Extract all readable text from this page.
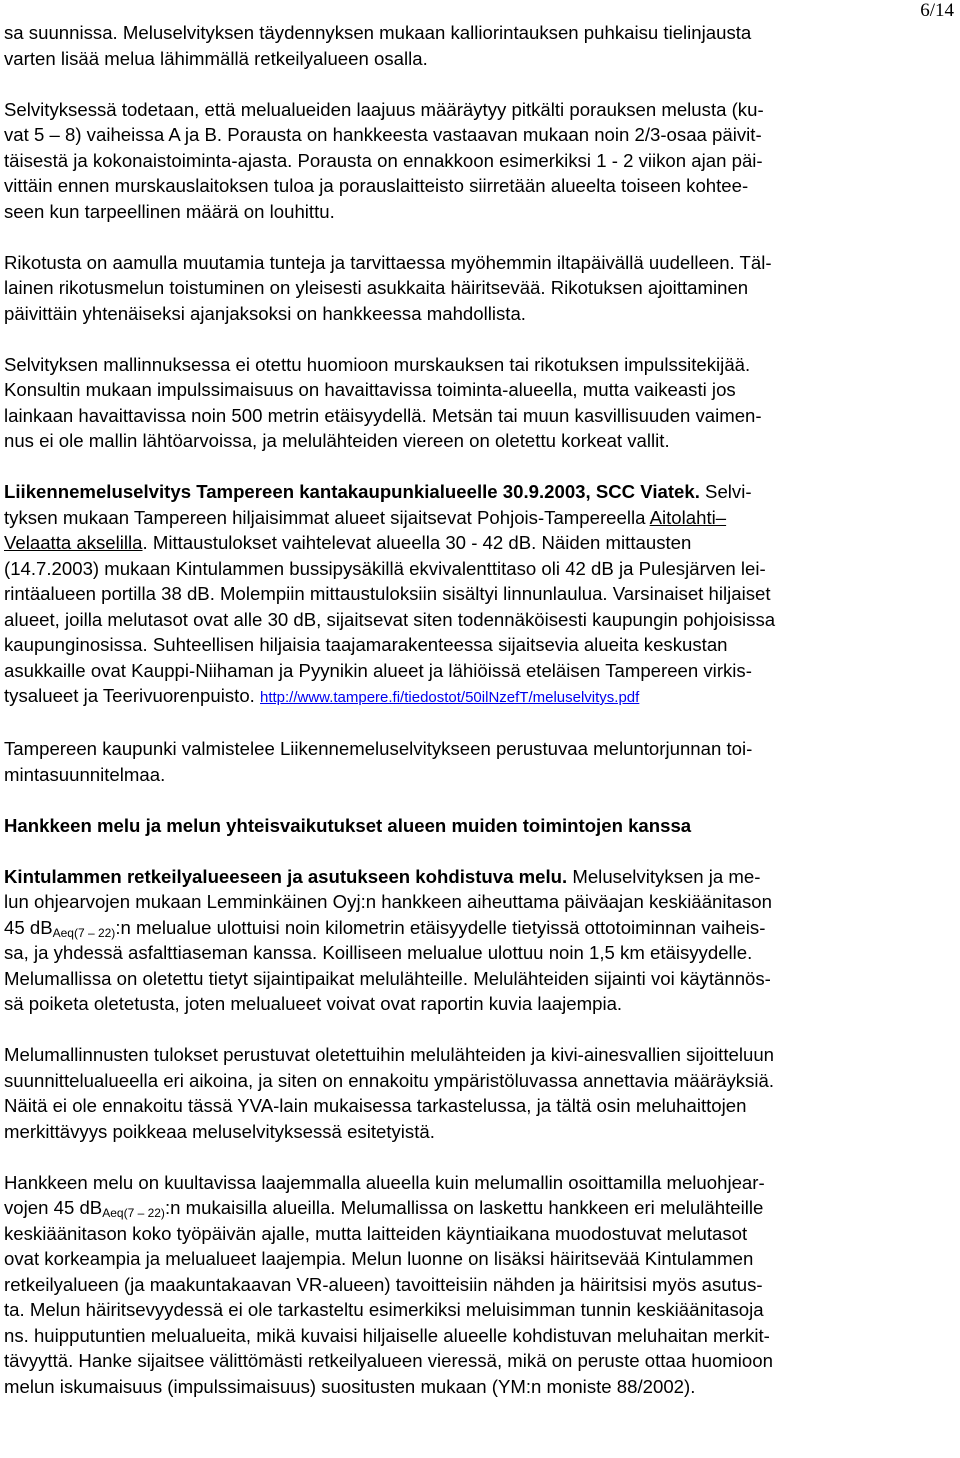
6/14
sa suunnissa. Meluselvityksen täydennyksen mukaan kalliorintauksen puhkaisu tielinjausta
varten lisää melua lähimmällä retkeilyalueen osalla.
Selvityksessä todetaan, että melualueiden laajuus määräytyy pitkälti porauksen melusta (ku-
vat 5 – 8) vaiheissa A ja B. Porausta on hankkeesta vastaavan mukaan noin 2/3-osaa päivit-
täisestä ja kokonaistoiminta-ajasta. Porausta on ennakkoon esimerkiksi 1 - 2 viikon ajan päi-
vittäin ennen murskauslaitoksen tuloa ja porauslaitteisto siirretään alueelta toiseen kohtee-
seen kun tarpeellinen määrä on louhittu.
Rikotusta on aamulla muutamia tunteja ja tarvittaessa myöhemmin iltapäivällä uudelleen. Täl-
lainen rikotusmelun toistuminen on yleisesti asukkaita häiritsevää. Rikotuksen ajoittaminen
päivittäin yhtenäiseksi ajanjaksoksi on hankkeessa mahdollista.
Selvityksen mallinnuksessa ei otettu huomioon murskauksen tai rikotuksen impulssitekijää.
Konsultin mukaan impulssimaisuus on havaittavissa toiminta-alueella, mutta vaikeasti jos
lainkaan havaittavissa noin 500 metrin etäisyydellä. Metsän tai muun kasvillisuuden vaimen-
nus ei ole mallin lähtöarvoissa, ja melulähteiden viereen on oletettu korkeat vallit.
Liikennemeluselvitys Tampereen kantakaupunkialueelle 30.9.2003, SCC Viatek. Selvi-
tyksen mukaan Tampereen hiljaisimmat alueet sijaitsevat Pohjois-Tampereella Aitolahti–
Velaatta akselilla. Mittaustulokset vaihtelevat alueella 30 - 42 dB. Näiden mittausten
(14.7.2003) mukaan Kintulammen bussipysäkillä ekvivalenttitaso oli 42 dB ja Pulesjärven lei-
rintäalueen portilla 38 dB. Molempiin mittaustuloksiin sisältyi linnunlaulua. Varsinaiset hiljaiset
alueet, joilla melutasot ovat alle 30 dB, sijaitsevat siten todennäköisesti kaupungin pohjoisissa
kaupunginosissa. Suhteellisen hiljaisia taajamarakenteessa sijaitsevia alueita keskustan
asukkaille ovat Kauppi-Niihaman ja Pyynikin alueet ja lähiöissä eteläisen Tampereen virkis-
tysalueet ja Teerivuorenpuisto. http://www.tampere.fi/tiedostot/50ilNzefT/meluselvitys.pdf
Tampereen kaupunki valmistelee Liikennemeluselvitykseen perustuvaa meluntorjunnan toi-
mintasuunnitelmaa.
Hankkeen melu ja melun yhteisvaikutukset alueen muiden toimintojen kanssa
Kintulammen retkeilyalueeseen ja asutukseen kohdistuva melu. Meluselvityksen ja me-
lun ohjearvojen mukaan Lemminkäinen Oyj:n hankkeen aiheuttama päiväajan keskiäänitason
45 $dB_{Aeq(7 - 22)}:n$ melualue ulottuisi noin kilometrin etäisyydelle tietyissä ottotoiminnan vaiheis-
sa, ja yhdessä asfalttiaseman kanssa. Koilliseen melualue ulottuu noin 1,5 km etäisyydelle.
Melumallissa on oletettu tietyt sijaintipaikat melulähteille. Melulähteiden sijainti voi käytännös-
sä poiketa oletetusta, joten melualueet voivat ovat raportin kuvia laajempia.
Melumallinnusten tulokset perustuvat oletettuihin melulähteiden ja kivi-ainesvallien sijoitteluun
suunnittelualueella eri aikoina, ja siten on ennakoitu ympäristöluvassa annettavia määräyksiä.
Näitä ei ole ennakoitu tässä YVA-lain mukaisessa tarkastelussa, ja tältä osin meluhaittojen
merkittävyys poikkeaa meluselvityksessä esitetyistä.
Hankkeen melu on kuultavissa laajemmalla alueella kuin melumallin osoittamilla meluohjear-
vojen 45 $dB_{Aeq(7 - 22)}:n$ mukaisilla alueilla. Melumallissa on laskettu hankkeen eri melulähteille
keskiäänitason koko työpäivän ajalle, mutta laitteiden käyntiaikana muodostuvat melutasot
ovat korkeampia ja melualueet laajempia. Melun luonne on lisäksi häiritsevää Kintulammen
retkeilyalueen (ja maakuntakaavan VR-alueen) tavoitteisiin nähden ja häiritsisi myös asutus-
ta. Melun häiritsevyydessä ei ole tarkasteltu esimerkiksi meluisimman tunnin keskiäänitasoja
ns. huipputuntien melualueita, mikä kuvaisi hiljaiselle alueelle kohdistuvan meluhaitan merkit-
tävyyttä. Hanke sijaitsee välittömästi retkeilyalueen vieressä, mikä on peruste ottaa huomioon
melun iskumaisuus (impulssimaisuus) suositusten mukaan (YM:n moniste 88/2002).
